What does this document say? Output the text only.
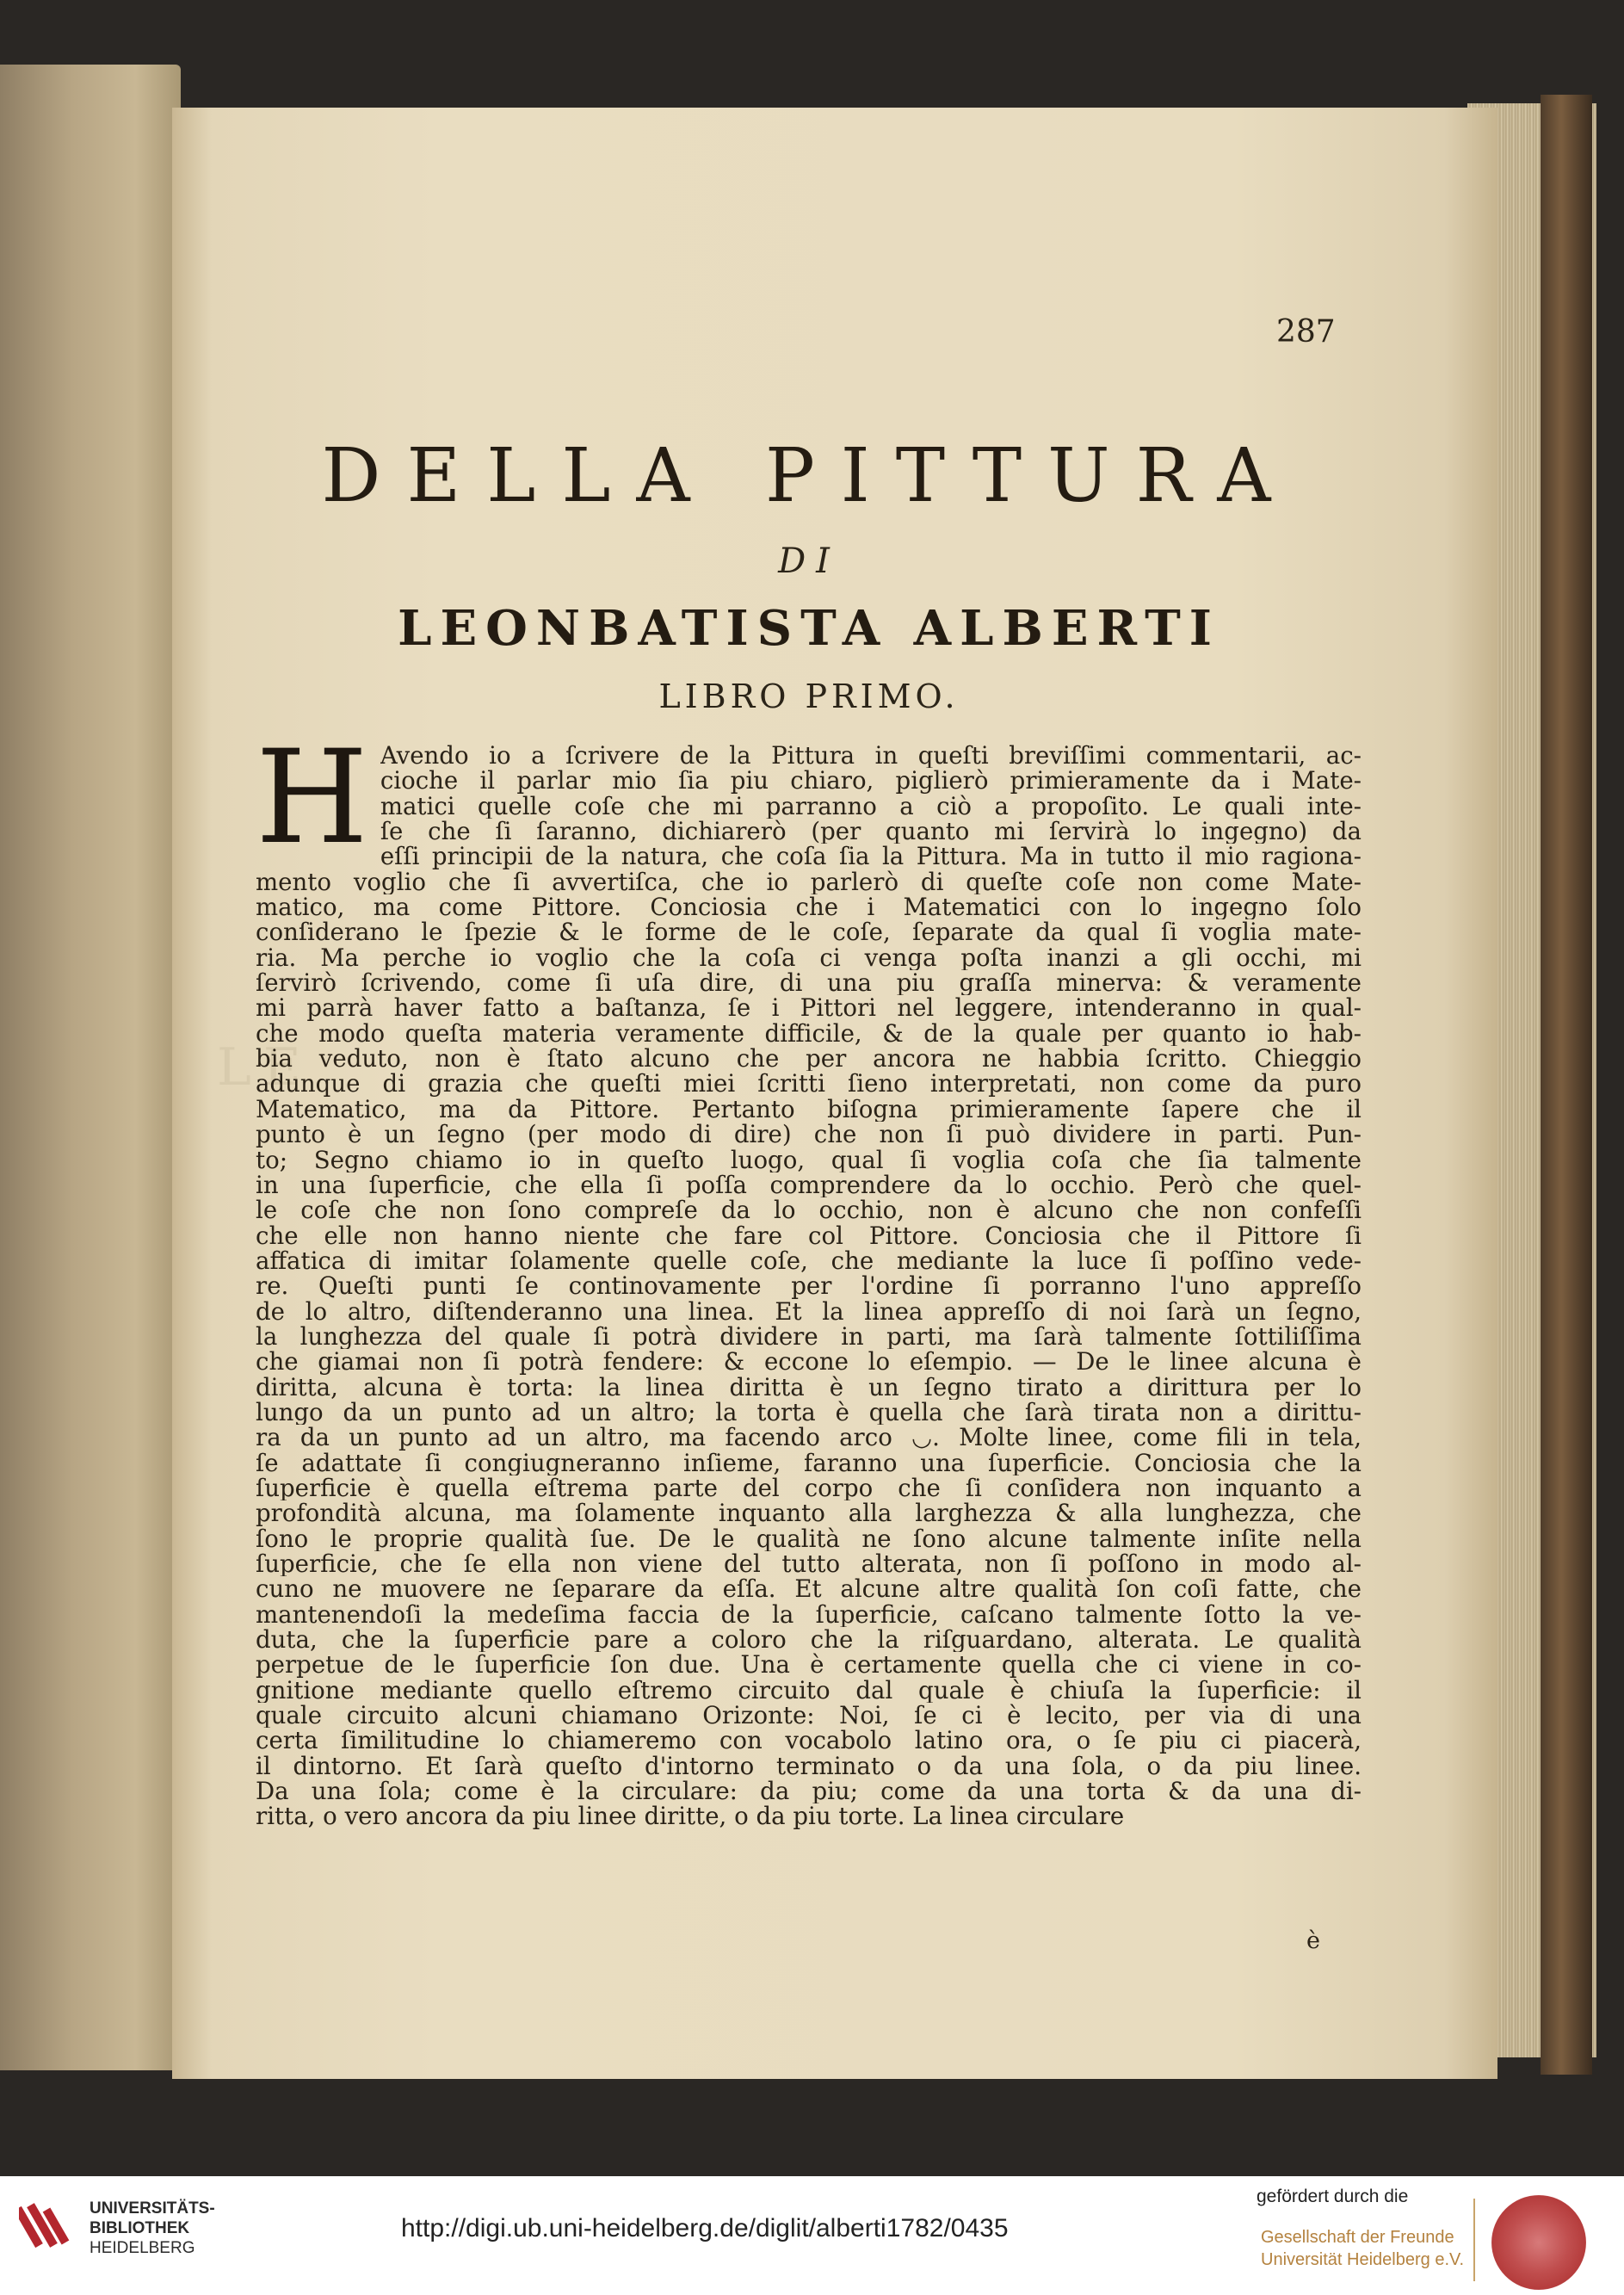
LE
287
DELLA PITTURA
DI
LEONBATISTA ALBERTI
LIBRO PRIMO.
H Avendo io a ſcrivere de la Pittura in queſti breviſſimi commentarii, ac-
cioche il parlar mio ſia piu chiaro, piglierò primieramente da i Mate-
matici quelle coſe che mi parranno a ciò a propoſito. Le quali inte-
ſe che ſi ſaranno, dichiarerò (per quanto mi ſervirà lo ingegno) da
eſſi principii de la natura, che coſa ſia la Pittura. Ma in tutto il mio ragiona-
mento voglio che ſi avvertiſca, che io parlerò di queſte coſe non come Mate-
matico, ma come Pittore. Conciosia che i Matematici con lo ingegno ſolo
conſiderano le ſpezie & le forme de le coſe, ſeparate da qual ſi voglia mate-
ria. Ma perche io voglio che la coſa ci venga poſta inanzi a gli occhi, mi
ſervirò ſcrivendo, come ſi uſa dire, di una piu graſſa minerva: & veramente
mi parrà haver fatto a baſtanza, ſe i Pittori nel leggere, intenderanno in qual-
che modo queſta materia veramente difficile, & de la quale per quanto io hab-
bia veduto, non è ſtato alcuno che per ancora ne habbia ſcritto. Chieggio
adunque di grazia che queſti miei ſcritti ſieno interpretati, non come da puro
Matematico, ma da Pittore. Pertanto biſogna primieramente ſapere che il
punto è un ſegno (per modo di dire) che non ſi può dividere in parti. Pun-
to; Segno chiamo io in queſto luogo, qual ſi voglia coſa che ſia talmente
in una ſuperficie, che ella ſi poſſa comprendere da lo occhio. Però che quel-
le coſe che non ſono compreſe da lo occhio, non è alcuno che non confeſſi
che elle non hanno niente che fare col Pittore. Conciosia che il Pittore ſi
affatica di imitar ſolamente quelle coſe, che mediante la luce ſi poſſino vede-
re. Queſti punti ſe continovamente per l'ordine ſi porranno l'uno appreſſo
de lo altro, diſtenderanno una linea. Et la linea appreſſo di noi ſarà un ſegno,
la lunghezza del quale ſi potrà dividere in parti, ma ſarà talmente ſottiliſſima
che giamai non ſi potrà fendere: & eccone lo eſempio. — De le linee alcuna è
diritta, alcuna è torta: la linea diritta è un ſegno tirato a dirittura per lo
lungo da un punto ad un altro; la torta è quella che ſarà tirata non a dirittu-
ra da un punto ad un altro, ma facendo arco ◡. Molte linee, come fili in tela,
ſe adattate ſi congiugneranno inſieme, faranno una ſuperficie. Conciosia che la
ſuperficie è quella eſtrema parte del corpo che ſi conſidera non inquanto a
profondità alcuna, ma ſolamente inquanto alla larghezza & alla lunghezza, che
ſono le proprie qualità ſue. De le qualità ne ſono alcune talmente inſite nella
ſuperficie, che ſe ella non viene del tutto alterata, non ſi poſſono in modo al-
cuno ne muovere ne ſeparare da eſſa. Et alcune altre qualità ſon coſi fatte, che
mantenendoſi la medeſima faccia de la ſuperficie, caſcano talmente ſotto la ve-
duta, che la ſuperficie pare a coloro che la riſguardano, alterata. Le qualità
perpetue de le ſuperficie ſon due. Una è certamente quella che ci viene in co-
gnitione mediante quello eſtremo circuito dal quale è chiuſa la ſuperficie: il
quale circuito alcuni chiamano Orizonte: Noi, ſe ci è lecito, per via di una
certa ſimilitudine lo chiameremo con vocabolo latino ora, o ſe piu ci piacerà,
il dintorno. Et ſarà queſto d'intorno terminato o da una ſola, o da piu linee.
Da una ſola; come è la circulare: da piu; come da una torta & da una di-
ritta, o vero ancora da piu linee diritte, o da piu torte. La linea circulare
è
UNIVERSITÄTS-
BIBLIOTHEK
HEIDELBERG
http://digi.ub.uni-heidelberg.de/diglit/alberti1782/0435
gefördert durch die
Gesellschaft der Freunde
Universität Heidelberg e.V.
